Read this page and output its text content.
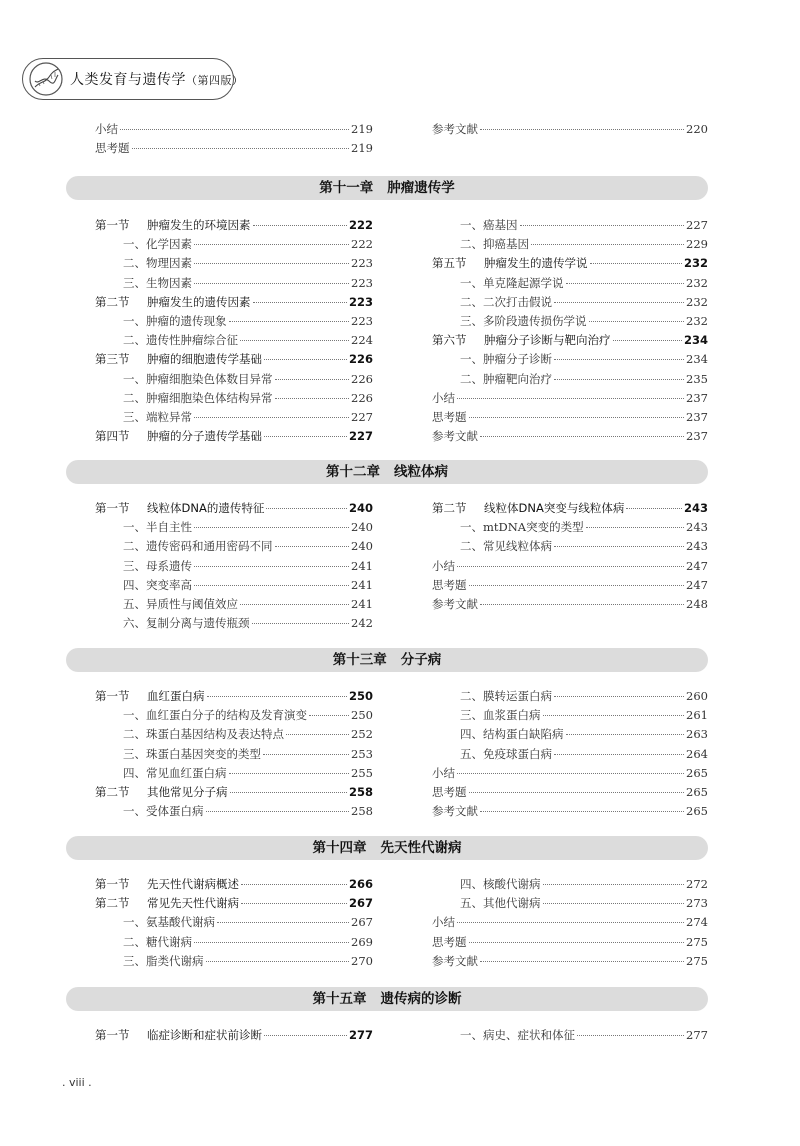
人类发育与遗传学（第四版）
小结	219
思考题	219
参考文献	220
第十一章 肿瘤遗传学
第一节 肿瘤发生的环境因素	222
一、化学因素	222
二、物理因素	223
三、生物因素	223
第二节 肿瘤发生的遗传因素	223
一、肿瘤的遗传现象	223
二、遗传性肿瘤综合征	224
第三节 肿瘤的细胞遗传学基础	226
一、肿瘤细胞染色体数目异常	226
二、肿瘤细胞染色体结构异常	226
三、端粒异常	227
第四节 肿瘤的分子遗传学基础	227
一、癌基因	227
二、抑癌基因	229
第五节 肿瘤发生的遗传学说	232
一、单克隆起源学说	232
二、二次打击假说	232
三、多阶段遗传损伤学说	232
第六节 肿瘤分子诊断与靶向治疗	234
一、肿瘤分子诊断	234
二、肿瘤靶向治疗	235
小结	237
思考题	237
参考文献	237
第十二章 线粒体病
第一节 线粒体DNA的遗传特征	240
一、半自主性	240
二、遗传密码和通用密码不同	240
三、母系遗传	241
四、突变率高	241
五、异质性与阈值效应	241
六、复制分离与遗传瓶颈	242
第二节 线粒体DNA突变与线粒体病	243
一、mtDNA突变的类型	243
二、常见线粒体病	243
小结	247
思考题	247
参考文献	248
第十三章 分子病
第一节 血红蛋白病	250
一、血红蛋白分子的结构及发育演变	250
二、珠蛋白基因结构及表达特点	252
三、珠蛋白基因突变的类型	253
四、常见血红蛋白病	255
第二节 其他常见分子病	258
一、受体蛋白病	258
二、膜转运蛋白病	260
三、血浆蛋白病	261
四、结构蛋白缺陷病	263
五、免疫球蛋白病	264
小结	265
思考题	265
参考文献	265
第十四章 先天性代谢病
第一节 先天性代谢病概述	266
第二节 常见先天性代谢病	267
一、氨基酸代谢病	267
二、糖代谢病	269
三、脂类代谢病	270
四、核酸代谢病	272
五、其他代谢病	273
小结	274
思考题	275
参考文献	275
第十五章 遗传病的诊断
第一节 临症诊断和症状前诊断	277	一、病史、症状和体征	277
. viii .
